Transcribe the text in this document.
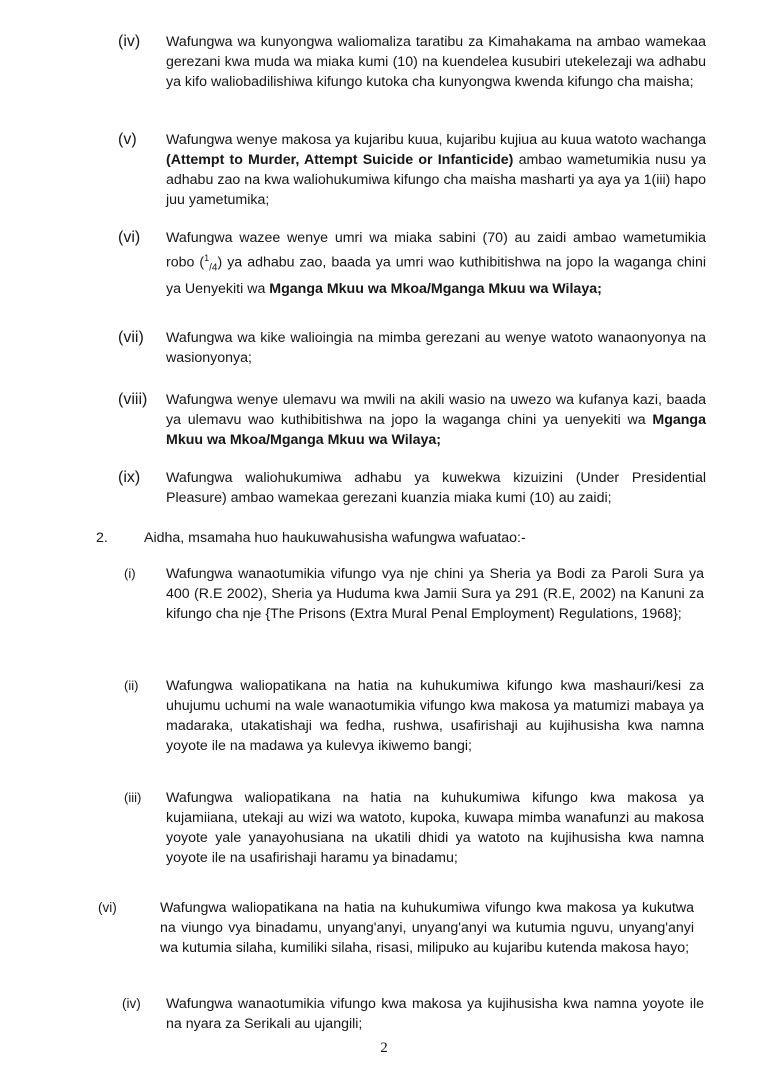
(iv) Wafungwa wa kunyongwa waliomaliza taratibu za Kimahakama na ambao wamekaa gerezani kwa muda wa miaka kumi (10) na kuendelea kusubiri utekelezaji wa adhabu ya kifo waliobadilishiwa kifungo kutoka cha kunyongwa kwenda kifungo cha maisha;
(v) Wafungwa wenye makosa ya kujaribu kuua, kujaribu kujiua au kuua watoto wachanga (Attempt to Murder, Attempt Suicide or Infanticide) ambao wametumikia nusu ya adhabu zao na kwa waliohukumiwa kifungo cha maisha masharti ya aya ya 1(iii) hapo juu yametumika;
(vi) Wafungwa wazee wenye umri wa miaka sabini (70) au zaidi ambao wametumikia robo ($^1_{/4}$) ya adhabu zao, baada ya umri wao kuthibitishwa na jopo la waganga chini ya Uenyekiti wa Mganga Mkuu wa Mkoa/Mganga Mkuu wa Wilaya;
(vii) Wafungwa wa kike walioingia na mimba gerezani au wenye watoto wanaonyonya na wasionyonya;
(viii) Wafungwa wenye ulemavu wa mwili na akili wasio na uwezo wa kufanya kazi, baada ya ulemavu wao kuthibitishwa na jopo la waganga chini ya uenyekiti wa Mganga Mkuu wa Mkoa/Mganga Mkuu wa Wilaya;
(ix) Wafungwa waliohukumiwa adhabu ya kuwekwa kizuizini (Under Presidential Pleasure) ambao wamekaa gerezani kuanzia miaka kumi (10) au zaidi;
2.	Aidha, msamaha huo haukuwahusisha wafungwa wafuatao:-
(i) Wafungwa wanaotumikia vifungo vya nje chini ya Sheria ya Bodi za Paroli Sura ya 400 (R.E 2002), Sheria ya Huduma kwa Jamii Sura ya 291 (R.E, 2002) na Kanuni za kifungo cha nje {The Prisons (Extra Mural Penal Employment) Regulations, 1968};
(ii) Wafungwa waliopatikana na hatia na kuhukumiwa kifungo kwa mashauri/kesi za uhujumu uchumi na wale wanaotumikia vifungo kwa makosa ya matumizi mabaya ya madaraka, utakatishaji wa fedha, rushwa, usafirishaji au kujihusisha kwa namna yoyote ile na madawa ya kulevya ikiwemo bangi;
(iii) Wafungwa waliopatikana na hatia na kuhukumiwa kifungo kwa makosa ya kujamiiana, utekaji au wizi wa watoto, kupoka, kuwapa mimba wanafunzi au makosa yoyote yale yanayohusiana na ukatili dhidi ya watoto na kujihusisha kwa namna yoyote ile na usafirishaji haramu ya binadamu;
(vi)	Wafungwa waliopatikana na hatia na kuhukumiwa vifungo kwa makosa ya kukutwa na viungo vya binadamu, unyang'anyi, unyang'anyi wa kutumia nguvu, unyang'anyi wa kutumia silaha, kumiliki silaha, risasi, milipuko au kujaribu kutenda makosa hayo;
(iv) Wafungwa wanaotumikia vifungo kwa makosa ya kujihusisha kwa namna yoyote ile na nyara za Serikali au ujangili;
2
